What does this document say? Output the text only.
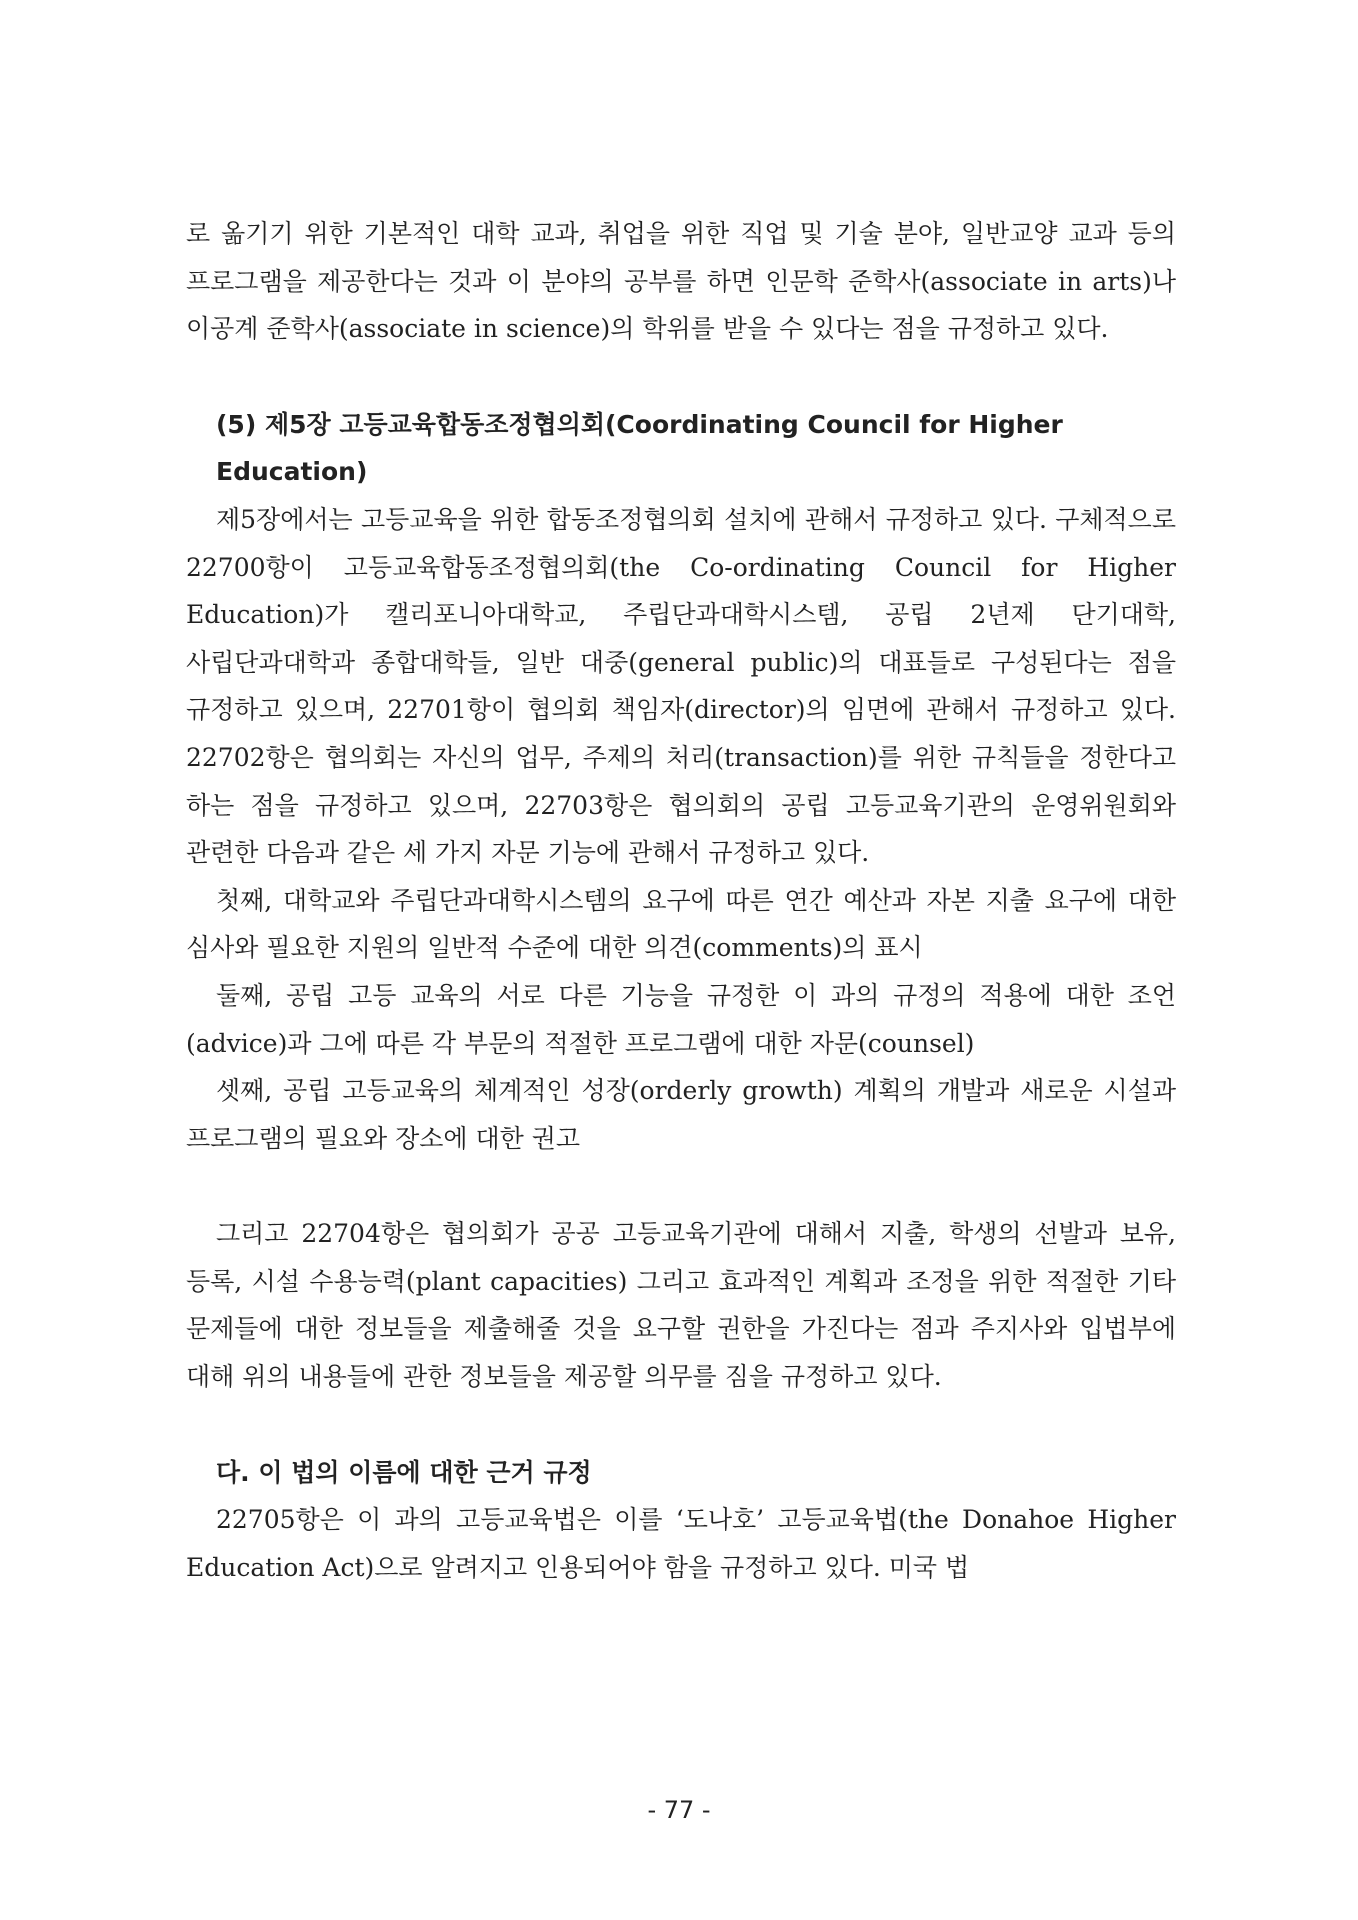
로 옮기기 위한 기본적인 대학 교과, 취업을 위한 직업 및 기술 분야, 일반교양 교과 등의 프로그램을 제공한다는 것과 이 분야의 공부를 하면 인문학 준학사(associate in arts)나 이공계 준학사(associate in science)의 학위를 받을 수 있다는 점을 규정하고 있다.

(5) 제5장 고등교육합동조정협의회(Coordinating Council for Higher Education)

제5장에서는 고등교육을 위한 합동조정협의회 설치에 관해서 규정하고 있다. 구체적으로 22700항이 고등교육합동조정협의회(the Co-ordinating Council for Higher Education)가 캘리포니아대학교, 주립단과대학시스템, 공립 2년제 단기대학, 사립단과대학과 종합대학들, 일반 대중(general public)의 대표들로 구성된다는 점을 규정하고 있으며, 22701항이 협의회 책임자(director)의 임면에 관해서 규정하고 있다. 22702항은 협의회는 자신의 업무, 주제의 처리(transaction)를 위한 규칙들을 정한다고 하는 점을 규정하고 있으며, 22703항은 협의회의 공립 고등교육기관의 운영위원회와 관련한 다음과 같은 세 가지 자문 기능에 관해서 규정하고 있다.

첫째, 대학교와 주립단과대학시스템의 요구에 따른 연간 예산과 자본 지출 요구에 대한 심사와 필요한 지원의 일반적 수준에 대한 의견(comments)의 표시

둘째, 공립 고등 교육의 서로 다른 기능을 규정한 이 과의 규정의 적용에 대한 조언(advice)과 그에 따른 각 부문의 적절한 프로그램에 대한 자문(counsel)

셋째, 공립 고등교육의 체계적인 성장(orderly growth) 계획의 개발과 새로운 시설과 프로그램의 필요와 장소에 대한 권고

그리고 22704항은 협의회가 공공 고등교육기관에 대해서 지출, 학생의 선발과 보유, 등록, 시설 수용능력(plant capacities) 그리고 효과적인 계획과 조정을 위한 적절한 기타 문제들에 대한 정보들을 제출해줄 것을 요구할 권한을 가진다는 점과 주지사와 입법부에 대해 위의 내용들에 관한 정보들을 제공할 의무를 짐을 규정하고 있다.

다. 이 법의 이름에 대한 근거 규정

22705항은 이 과의 고등교육법은 이를 ‘도나호’ 고등교육법(the Donahoe Higher Education Act)으로 알려지고 인용되어야 함을 규정하고 있다. 미국 법

- 77 -
